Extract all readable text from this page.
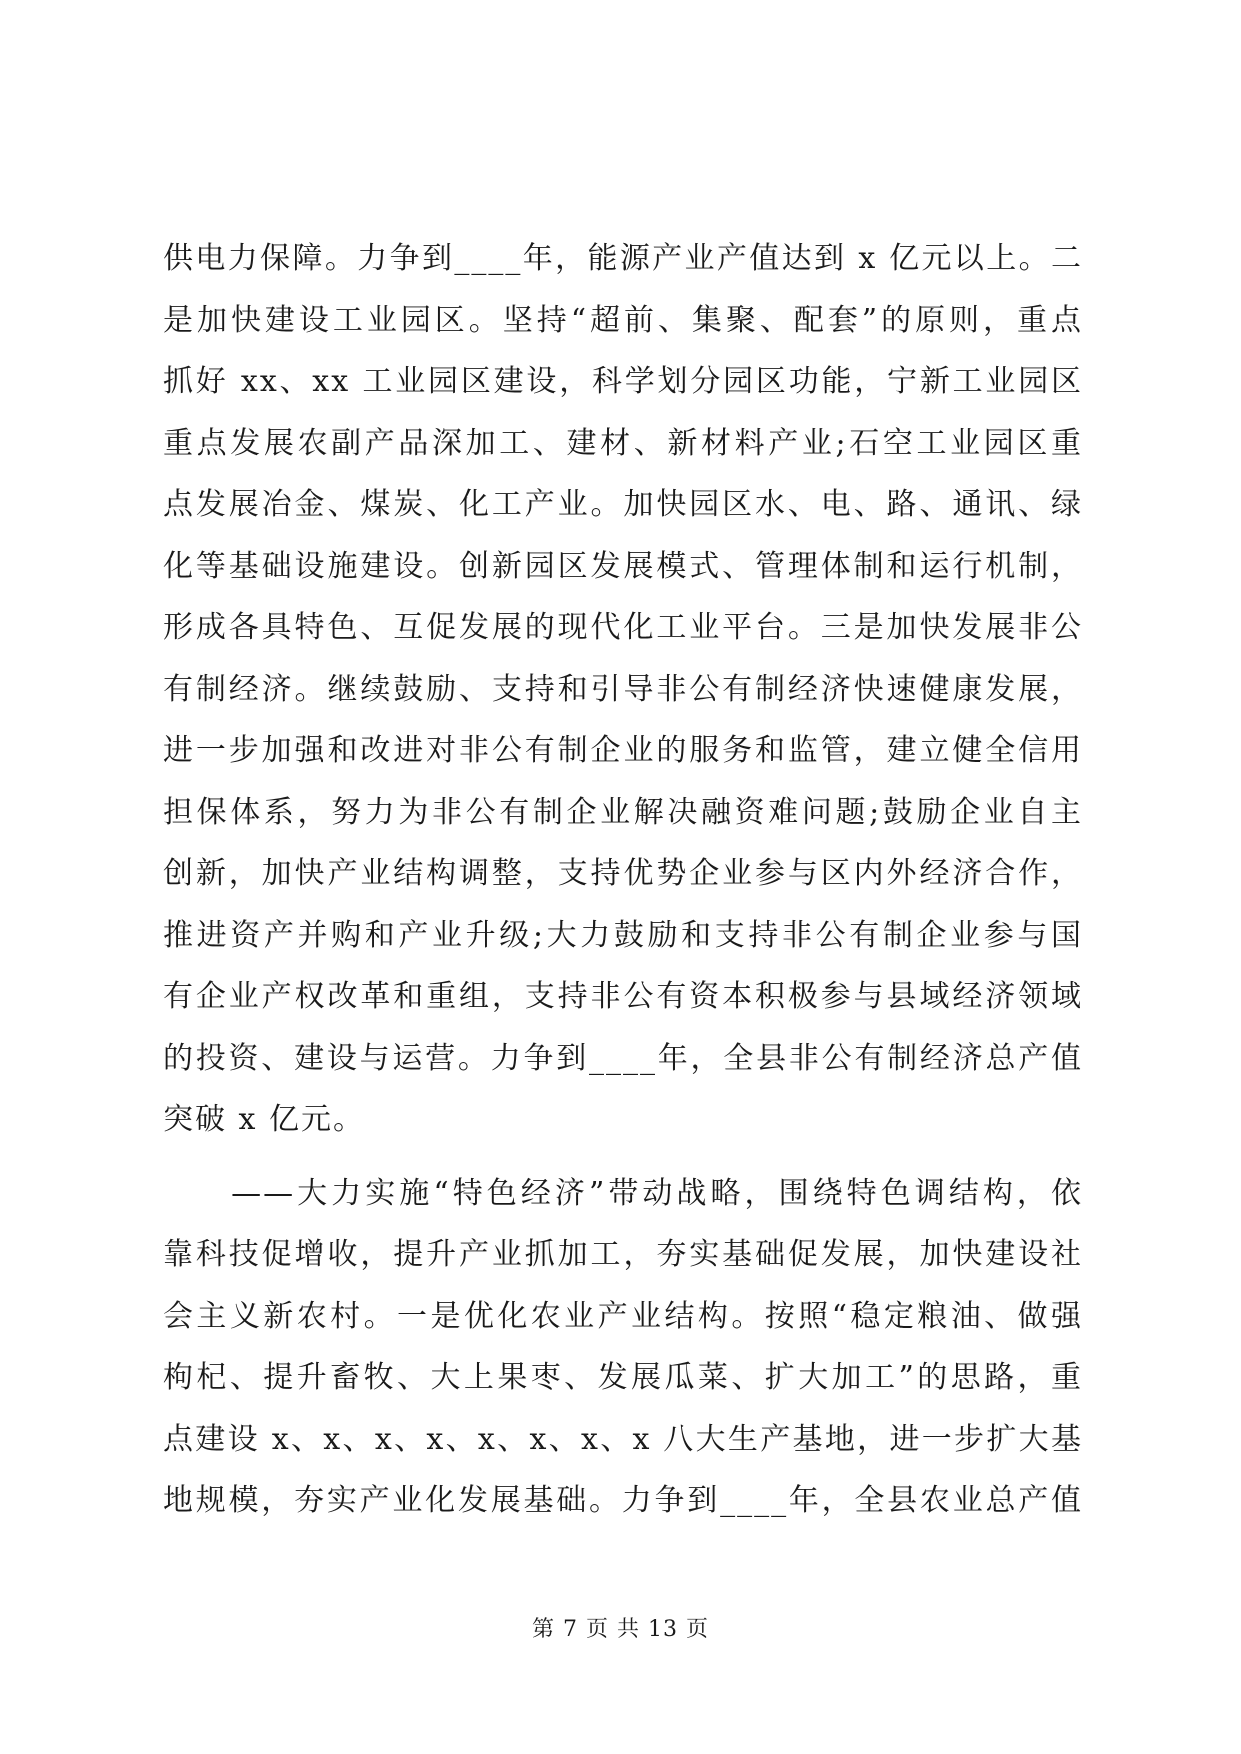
供电力保障。力争到____年，能源产业产值达到 x 亿元以上。二
是加快建设工业园区。坚持“超前、集聚、配套”的原则，重点
抓好 xx、xx 工业园区建设，科学划分园区功能，宁新工业园区
重点发展农副产品深加工、建材、新材料产业;石空工业园区重
点发展冶金、煤炭、化工产业。加快园区水、电、路、通讯、绿
化等基础设施建设。创新园区发展模式、管理体制和运行机制，
形成各具特色、互促发展的现代化工业平台。三是加快发展非公
有制经济。继续鼓励、支持和引导非公有制经济快速健康发展，
进一步加强和改进对非公有制企业的服务和监管，建立健全信用
担保体系，努力为非公有制企业解决融资难问题;鼓励企业自主
创新，加快产业结构调整，支持优势企业参与区内外经济合作，
推进资产并购和产业升级;大力鼓励和支持非公有制企业参与国
有企业产权改革和重组，支持非公有资本积极参与县域经济领域
的投资、建设与运营。力争到____年，全县非公有制经济总产值
突破 x 亿元。
　　——大力实施“特色经济”带动战略，围绕特色调结构，依
靠科技促增收，提升产业抓加工，夯实基础促发展，加快建设社
会主义新农村。一是优化农业产业结构。按照“稳定粮油、做强
枸杞、提升畜牧、大上果枣、发展瓜菜、扩大加工”的思路，重
点建设 x、x、x、x、x、x、x、x 八大生产基地，进一步扩大基
地规模，夯实产业化发展基础。力争到____年，全县农业总产值
第 7 页 共 13 页
